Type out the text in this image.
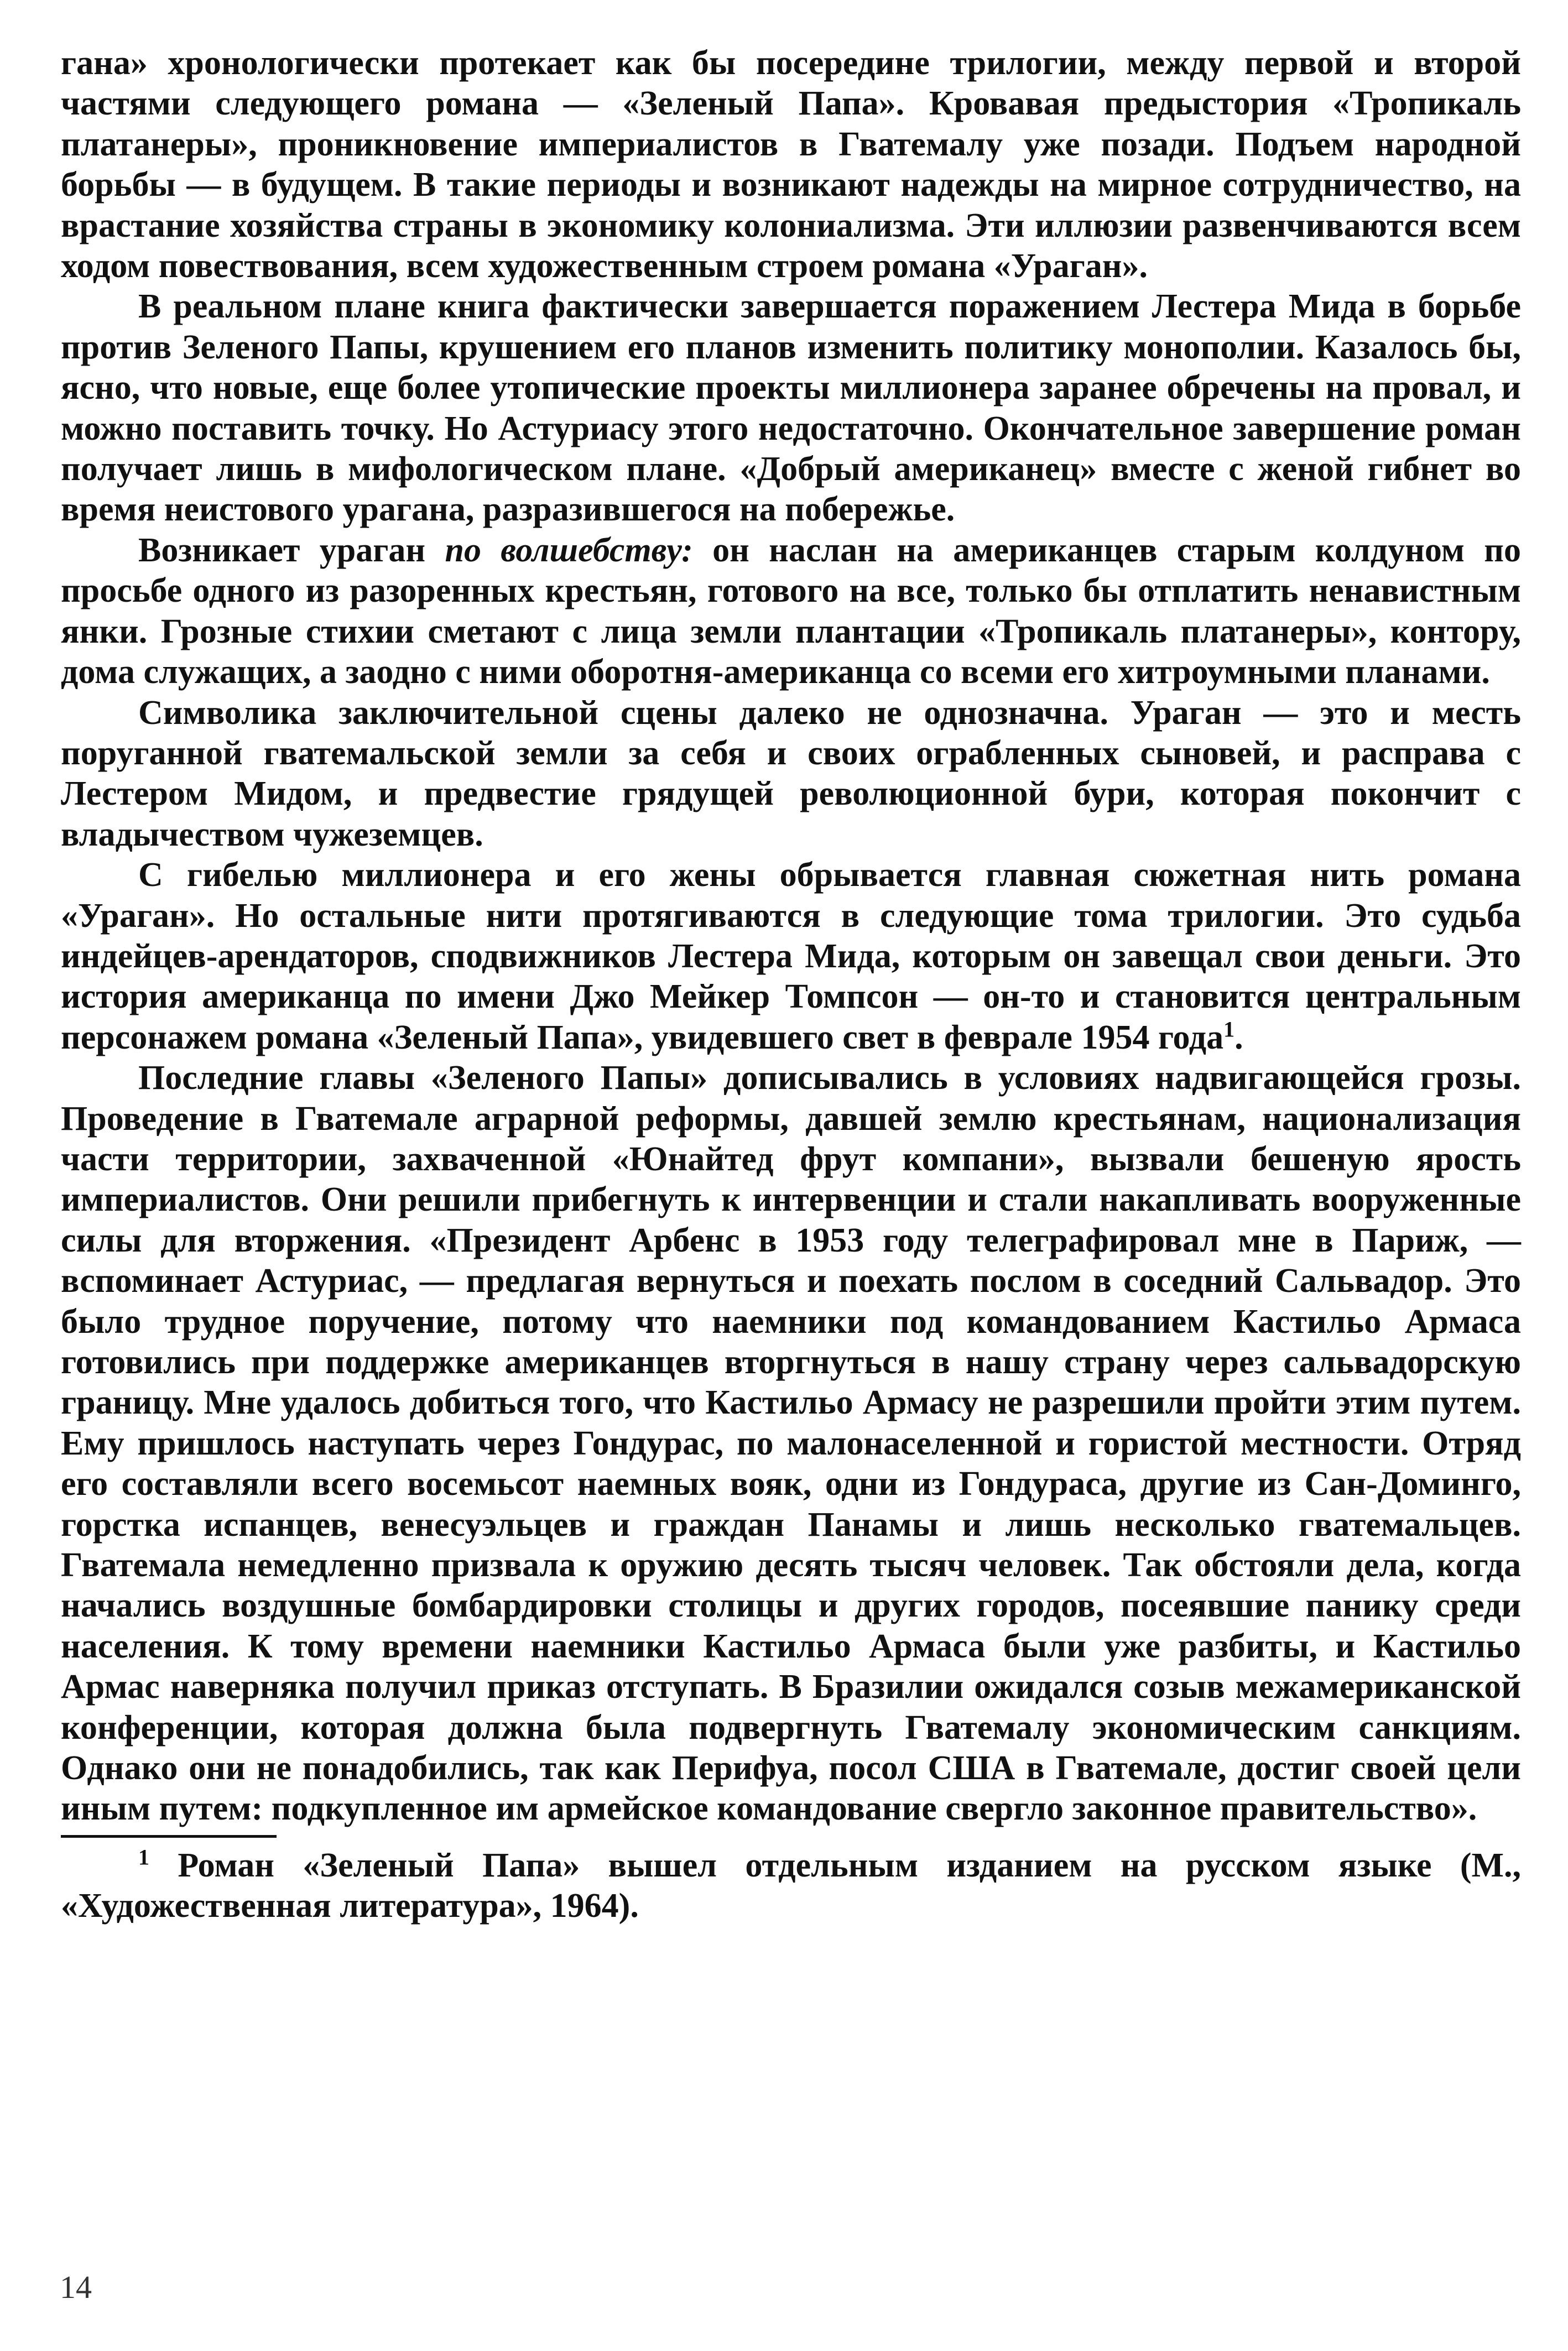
гана» хронологически протекает как бы посередине трилогии, между первой и второй частями следующего романа — «Зеленый Папа». Кровавая предыстория «Тропикаль платанеры», проникновение империалистов в Гватемалу уже позади. Подъем народной борьбы — в будущем. В такие периоды и возникают надежды на мирное сотрудничество, на врастание хозяйства страны в экономику колониализма. Эти иллюзии развенчиваются всем ходом повествования, всем художественным строем романа «Ураган».

В реальном плане книга фактически завершается поражением Лестера Мида в борьбе против Зеленого Папы, крушением его планов изменить политику монополии. Казалось бы, ясно, что новые, еще более утопические проекты миллионера заранее обречены на провал, и можно поставить точку. Но Астуриасу этого недостаточно. Окончательное завершение роман получает лишь в мифологическом плане. «Добрый американец» вместе с женой гибнет во время неистового урагана, разразившегося на побережье.

Возникает ураган по волшебству: он наслан на американцев старым колдуном по просьбе одного из разоренных крестьян, готового на все, только бы отплатить ненавистным янки. Грозные стихии сметают с лица земли плантации «Тропикаль платанеры», контору, дома служащих, а заодно с ними оборотня-американца со всеми его хитроумными планами.

Символика заключительной сцены далеко не однозначна. Ураган — это и месть поруганной гватемальской земли за себя и своих ограбленных сыновей, и расправа с Лестером Мидом, и предвестие грядущей революционной бури, которая покончит с владычеством чужеземцев.

С гибелью миллионера и его жены обрывается главная сюжетная нить романа «Ураган». Но остальные нити протягиваются в следующие тома трилогии. Это судьба индейцев-арендаторов, сподвижников Лестера Мида, которым он завещал свои деньги. Это история американца по имени Джо Мейкер Томпсон — он-то и становится центральным персонажем романа «Зеленый Папа», увидевшего свет в феврале 1954 года$^1$.

Последние главы «Зеленого Папы» дописывались в условиях надвигающейся грозы. Проведение в Гватемале аграрной реформы, давшей землю крестьянам, национализация части территории, захваченной «Юнайтед фрут компани», вызвали бешеную ярость империалистов. Они решили прибегнуть к интервенции и стали накапливать вооруженные силы для вторжения. «Президент Арбенс в 1953 году телеграфировал мне в Париж, — вспоминает Астуриас, — предлагая вернуться и поехать послом в соседний Сальвадор. Это было трудное поручение, потому что наемники под командованием Кастильо Армаса готовились при поддержке американцев вторгнуться в нашу страну через сальвадорскую границу. Мне удалось добиться того, что Кастильо Армасу не разрешили пройти этим путем. Ему пришлось наступать через Гондурас, по малонаселенной и гористой местности. Отряд его составляли всего восемьсот наемных вояк, одни из Гондураса, другие из Сан-Доминго, горстка испанцев, венесуэльцев и граждан Панамы и лишь несколько гватемальцев. Гватемала немедленно призвала к оружию десять тысяч человек. Так обстояли дела, когда начались воздушные бомбардировки столицы и других городов, посеявшие панику среди населения. К тому времени наемники Кастильо Армаса были уже разбиты, и Кастильо Армас наверняка получил приказ отступать. В Бразилии ожидался созыв межамериканской конференции, которая должна была подвергнуть Гватемалу экономическим санкциям. Однако они не понадобились, так как Перифуа, посол США в Гватемале, достиг своей цели иным путем: подкупленное им армейское командование свергло законное правительство».

$^1$ Роман «Зеленый Папа» вышел отдельным изданием на русском языке (М., «Художественная литература», 1964).

14
